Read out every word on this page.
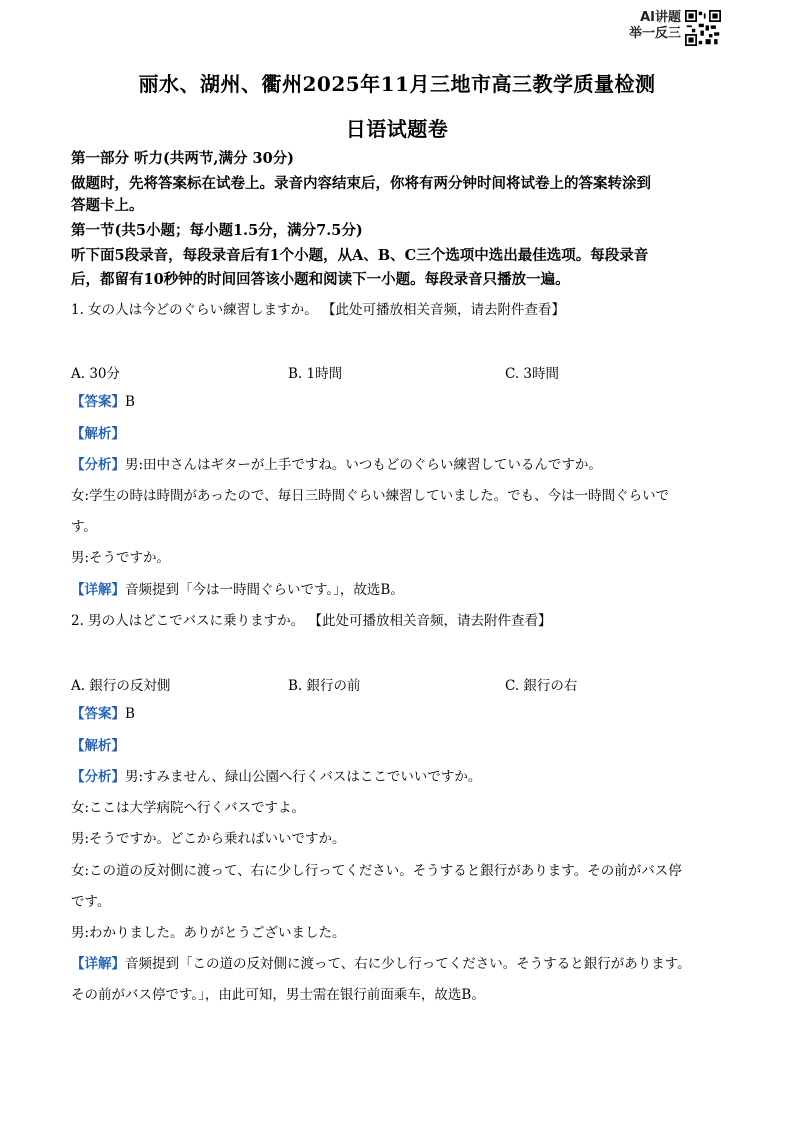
AI讲题
举一反三
丽水、湖州、衢州2025年11月三地市高三教学质量检测
日语试题卷
第一部分 听力(共两节,满分 30分)
做题时，先将答案标在试卷上。录音内容结束后，你将有两分钟时间将试卷上的答案转涂到
答题卡上。
第一节(共5小题；每小题1.5分，满分7.5分)
听下面5段录音，每段录音后有1个小题，从A、B、C三个选项中选出最佳选项。每段录音
后，都留有10秒钟的时间回答该小题和阅读下一小题。每段录音只播放一遍。
1. 女の人は今どのぐらい練習しますか。 【此处可播放相关音频，请去附件查看】
A. 30分	B. 1時間	C. 3時間
【答案】B
【解析】
【分析】男:田中さんはギターが上手ですね。いつもどのぐらい練習しているんですか。
女:学生の時は時間があったので、毎日三時間ぐらい練習していました。でも、今は一時間ぐらいで
す。
男:そうですか。
【详解】音频提到「今は一時間ぐらいです。」，故选B。
2. 男の人はどこでバスに乗りますか。 【此处可播放相关音频，请去附件查看】
A. 銀行の反対側	B. 銀行の前	C. 銀行の右
【答案】B
【解析】
【分析】男:すみません、緑山公園へ行くバスはここでいいですか。
女:ここは大学病院へ行くバスですよ。
男:そうですか。どこから乗ればいいですか。
女:この道の反対側に渡って、右に少し行ってください。そうすると銀行があります。その前がバス停
です。
男:わかりました。ありがとうございました。
【详解】音频提到「この道の反対側に渡って、右に少し行ってください。そうすると銀行があります。
その前がバス停です。」，由此可知，男士需在银行前面乘车，故选B。
